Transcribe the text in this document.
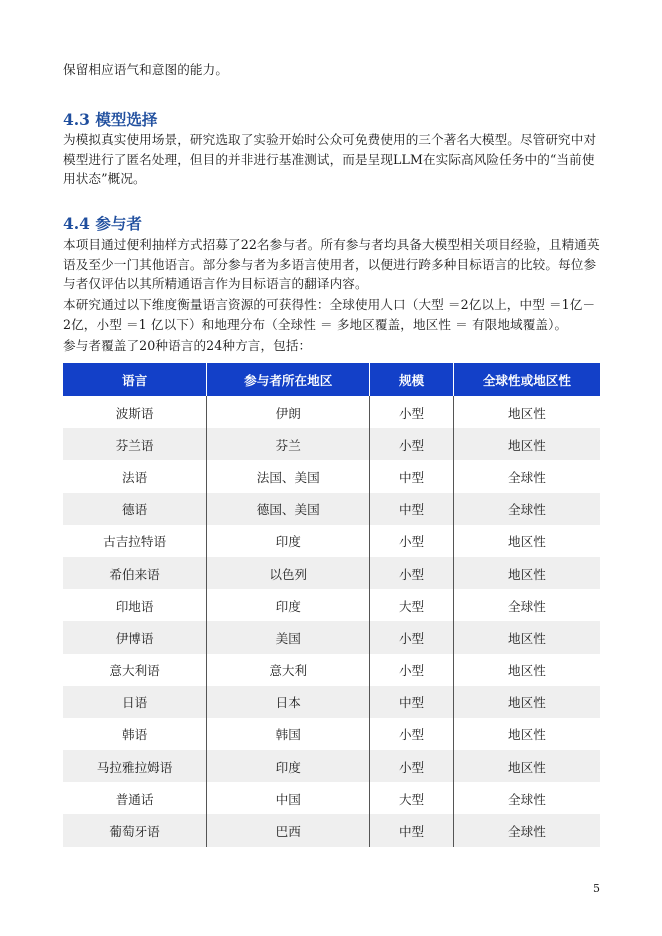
保留相应语气和意图的能力。

4.3 模型选择

为模拟真实使用场景，研究选取了实验开始时公众可免费使用的三个著名大模型。尽管研究中对模型进行了匿名处理，但目的并非进行基准测试，而是呈现LLM在实际高风险任务中的“当前使用状态”概况。

4.4 参与者

本项目通过便利抽样方式招募了22名参与者。所有参与者均具备大模型相关项目经验，且精通英语及至少一门其他语言。部分参与者为多语言使用者，以便进行跨多种目标语言的比较。每位参与者仅评估以其所精通语言作为目标语言的翻译内容。

本研究通过以下维度衡量语言资源的可获得性：全球使用人口（大型 ＝2亿以上，中型 ＝1亿－2亿，小型 ＝1 亿以下）和地理分布（全球性 ＝ 多地区覆盖，地区性 ＝ 有限地域覆盖）。

参与者覆盖了20种语言的24种方言，包括：

语言	参与者所在地区	规模	全球性或地区性
波斯语	伊朗	小型	地区性
芬兰语	芬兰	小型	地区性
法语	法国、美国	中型	全球性
德语	德国、美国	中型	全球性
古吉拉特语	印度	小型	地区性
希伯来语	以色列	小型	地区性
印地语	印度	大型	全球性
伊博语	美国	小型	地区性
意大利语	意大利	小型	地区性
日语	日本	中型	地区性
韩语	韩国	小型	地区性
马拉雅拉姆语	印度	小型	地区性
普通话	中国	大型	全球性
葡萄牙语	巴西	中型	全球性
5
